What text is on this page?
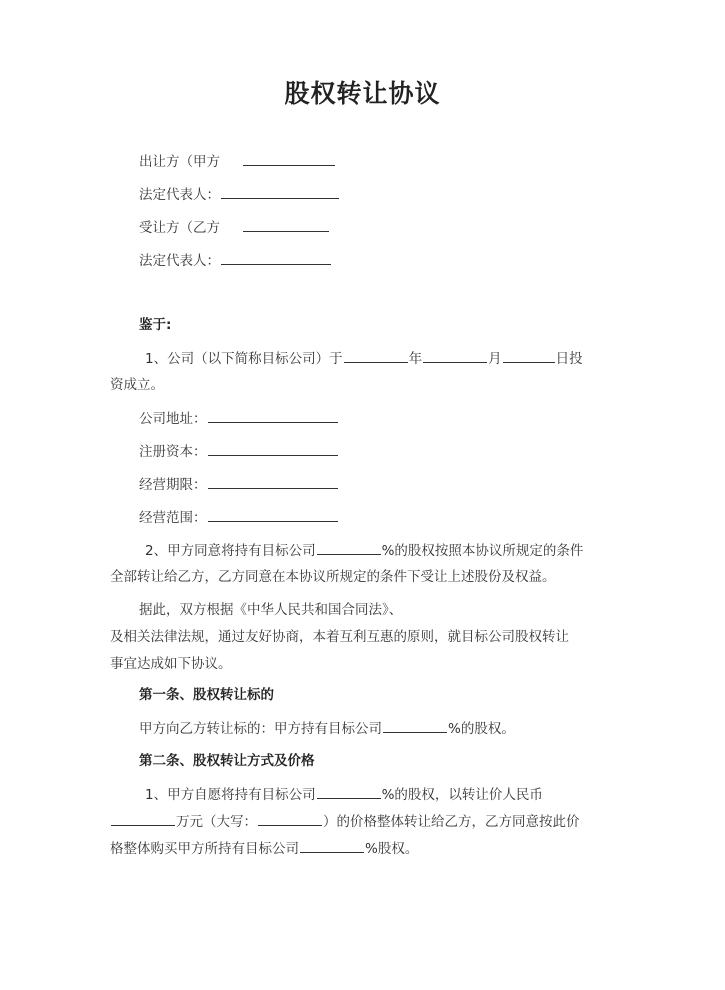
股权转让协议
出让方（甲方
法定代表人：
受让方（乙方
法定代表人：
鉴于:
1、公司（以下简称目标公司）于	年	月	日投
资成立。
公司地址：
注册资本：
经营期限：
经营范围：
2、甲方同意将持有目标公司	%的股权按照本协议所规定的条件
全部转让给乙方，乙方同意在本协议所规定的条件下受让上述股份及权益。
据此，双方根据《中华人民共和国合同法》、
及相关法律法规，通过友好协商，本着互利互惠的原则，就目标公司股权转让
事宜达成如下协议。
第一条、股权转让标的
甲方向乙方转让标的：甲方持有目标公司	%的股权。
第二条、股权转让方式及价格
1、甲方自愿将持有目标公司	%的股权，以转让价人民币
万元（大写：	）的价格整体转让给乙方，乙方同意按此价
格整体购买甲方所持有目标公司	%股权。
